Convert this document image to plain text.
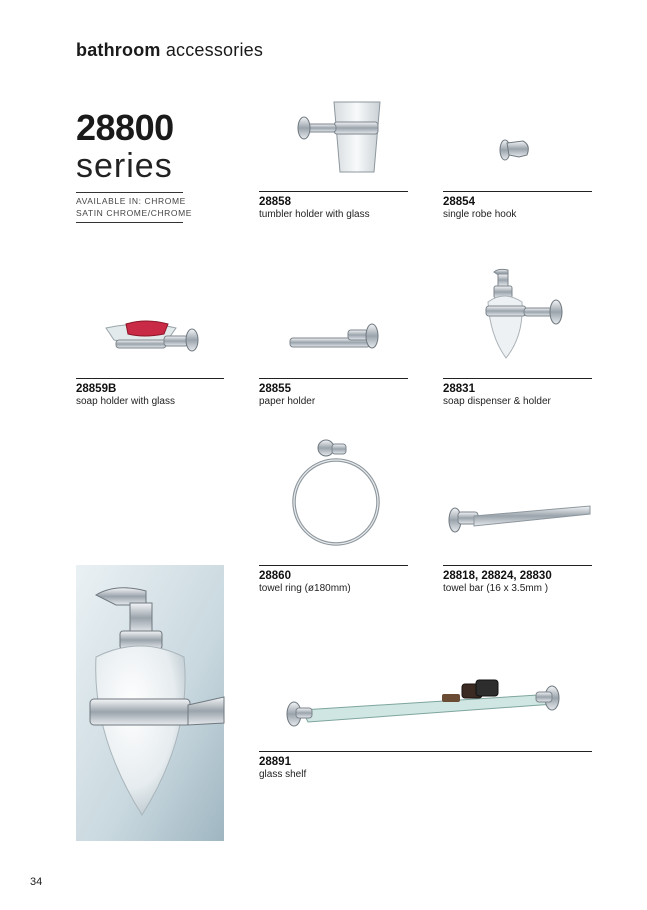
bathroom accessories
28800
series
AVAILABLE IN: CHROME
SATIN CHROME/CHROME
28858
tumbler holder with glass
28854
single robe hook
28859B
soap holder with glass
28855
paper holder
28831
soap dispenser & holder
28860
towel ring (ø180mm)
28818, 28824, 28830
towel bar (16 x 3.5mm )
28891
glass shelf
34
